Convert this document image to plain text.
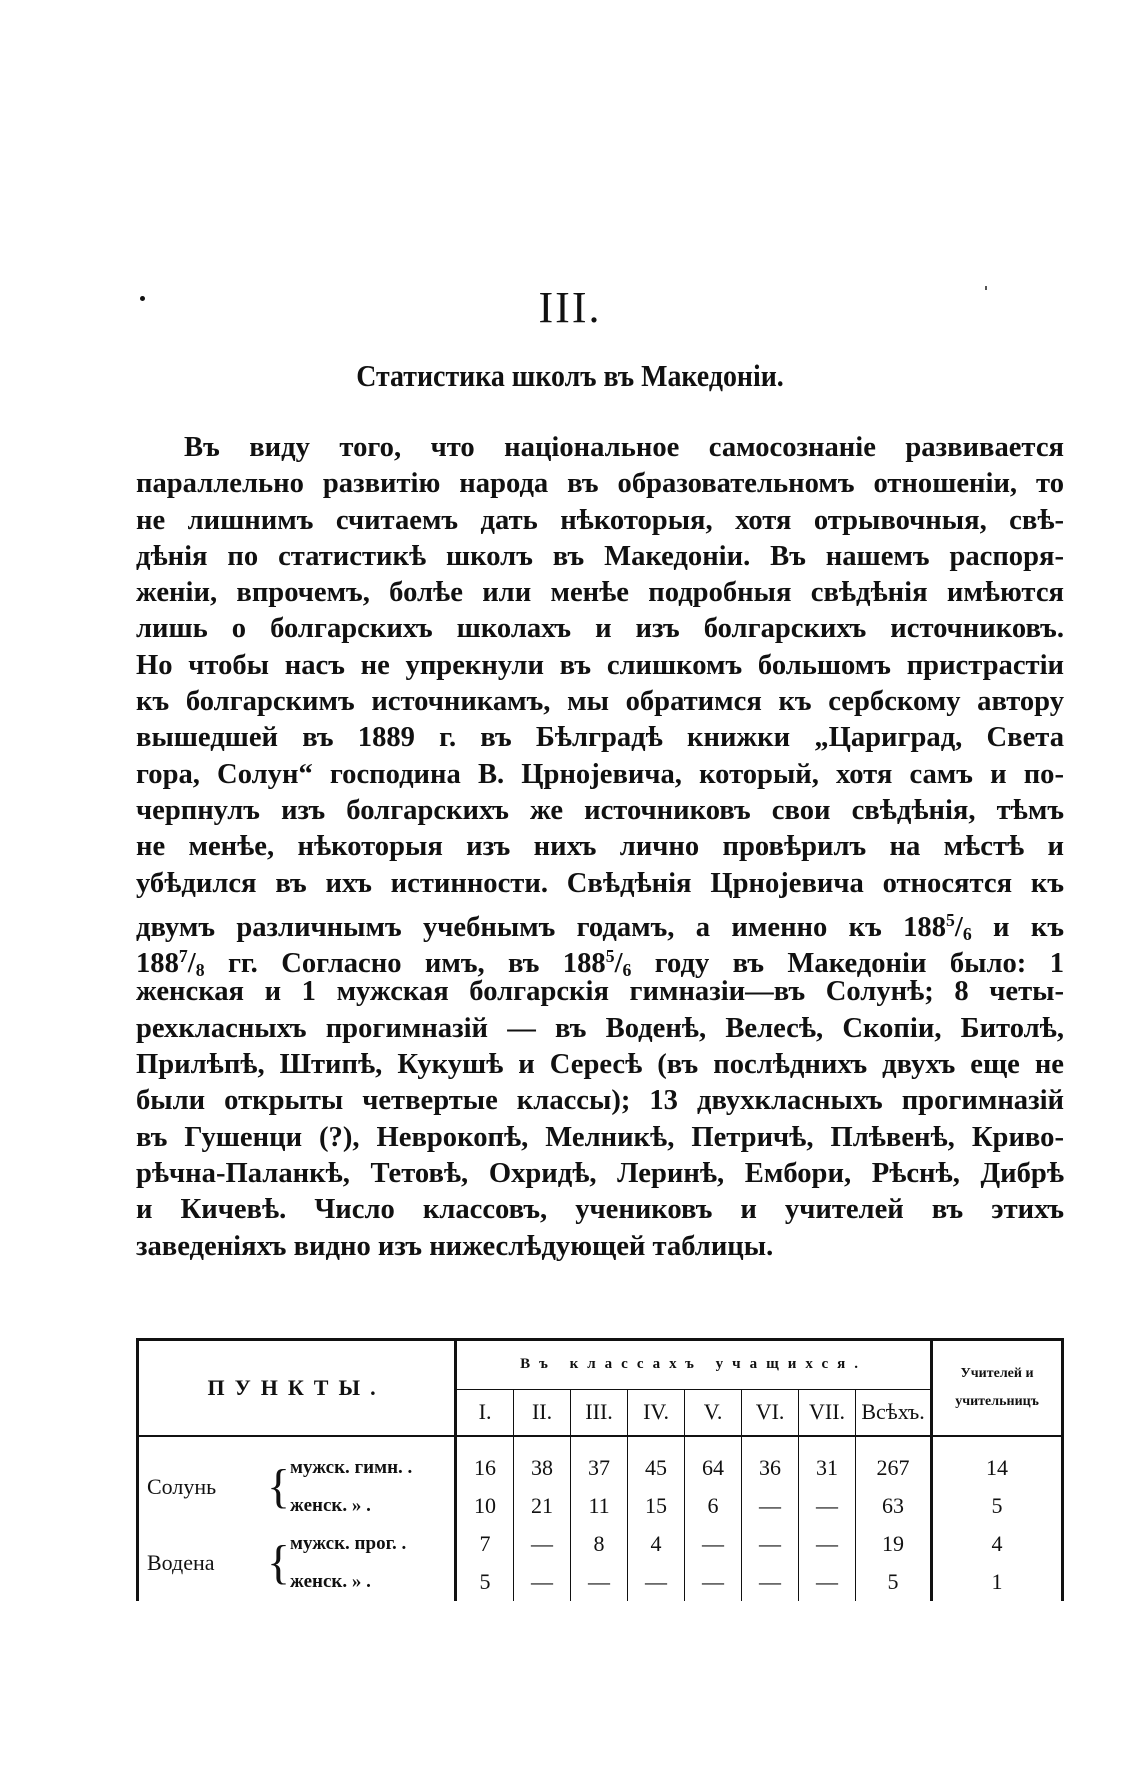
III.
Статистика школъ въ Македоніи.
Въ виду того, что національное самосознаніе развивается
параллельно развитію народа въ образовательномъ отношеніи, то
не лишнимъ считаемъ дать нѣкоторыя, хотя отрывочныя, свѣ-
дѣнія по статистикѣ школъ въ Македоніи. Въ нашемъ распоря-
женіи, впрочемъ, болѣе или менѣе подробныя свѣдѣнія имѣются
лишь о болгарскихъ школахъ и изъ болгарскихъ источниковъ.
Но чтобы насъ не упрекнули въ слишкомъ большомъ пристрастіи
къ болгарскимъ источникамъ, мы обратимся къ сербскому автору
вышедшей въ 1889 г. въ Бѣлградѣ книжки „Цариград, Света
гора, Солун“ господина В. Црнојевича, который, хотя самъ и по-
черпнулъ изъ болгарскихъ же источниковъ свои свѣдѣнія, тѣмъ
не менѣе, нѣкоторыя изъ нихъ лично провѣрилъ на мѣстѣ и
убѣдился въ ихъ истинности. Свѣдѣнія Црнојевича относятся къ
двумъ различнымъ учебнымъ годамъ, а именно къ $188^5/_6$ и къ
$188^7/_8$ гг. Согласно имъ, въ $188^5/_6$ году въ Македоніи было: 1
женская и 1 мужская болгарскія гимназіи—въ Солунѣ; 8 четы-
рехкласныхъ прогимназій — въ Воденѣ, Велесѣ, Скопіи, Битолѣ,
Прилѣпѣ, Штипѣ, Кукушѣ и Сересѣ (въ послѣднихъ двухъ еще не
были открыты четвертые классы); 13 двухкласныхъ прогимназій
въ Гушенци (?), Неврокопѣ, Мелникѣ, Петричѣ, Плѣвенѣ, Криво-
рѣчна-Паланкѣ, Тетовѣ, Охридѣ, Леринѣ, Ембори, Рѣснѣ, Дибрѣ
и Кичевѣ. Число классовъ, учениковъ и учителей въ этихъ
заведеніяхъ видно изъ нижеслѣдующей таблицы.
ПУНКТЫ.			Въ классахъ учащихся.								Учителей и
учительницъ

			I.	II.	III.	IV.	V.	VI.	VII.	Всѣхъ.	

Солунь	{	мужск. гимн. .	16	38	37	45	64	36	31	267	14
		женск. » .	10	21	11	15	6	—	—	63	5
Водена	{	мужск. прог. .	7	—	8	4	—	—	—	19	4
		женск. » .	5	—	—	—	—	—	—	5	1
